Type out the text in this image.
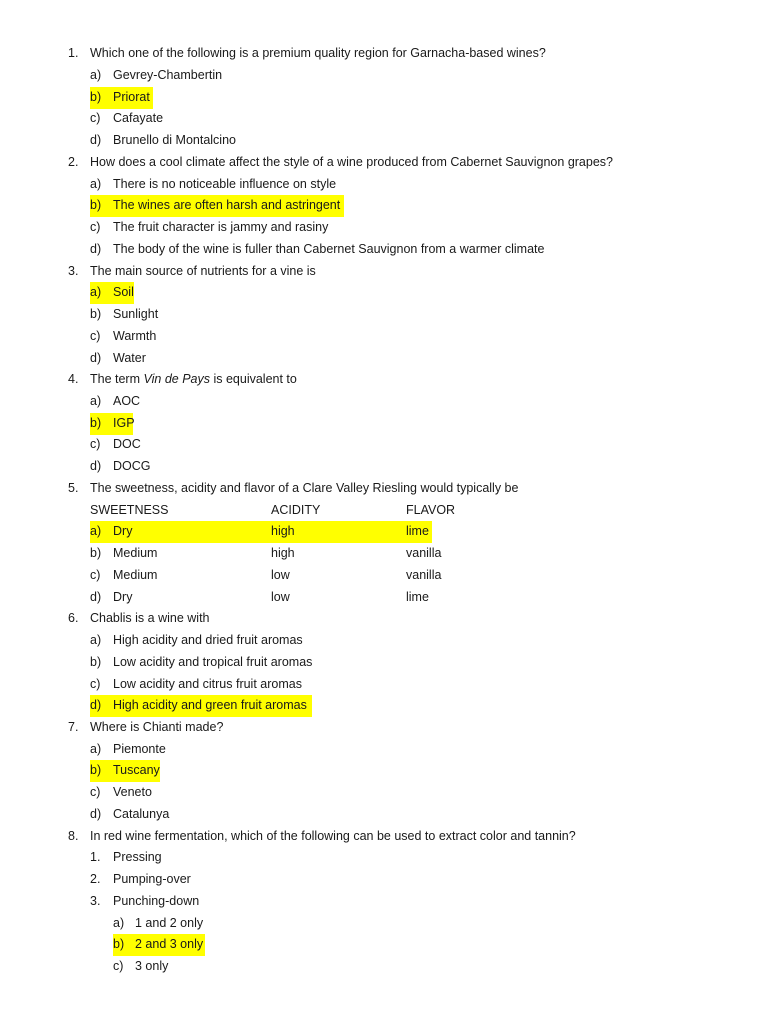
1. Which one of the following is a premium quality region for Garnacha-based wines?
a) Gevrey-Chambertin
b) Priorat
c) Cafayate
d) Brunello di Montalcino
2. How does a cool climate affect the style of a wine produced from Cabernet Sauvignon grapes?
a) There is no noticeable influence on style
b) The wines are often harsh and astringent
c) The fruit character is jammy and rasiny
d) The body of the wine is fuller than Cabernet Sauvignon from a warmer climate
3. The main source of nutrients for a vine is
a) Soil
b) Sunlight
c) Warmth
d) Water
4. The term Vin de Pays is equivalent to
a) AOC
b) IGP
c) DOC
d) DOCG
5. The sweetness, acidity and flavor of a Clare Valley Riesling would typically be
SWEETNESS	ACIDITY	FLAVOR
a) Dry	high	lime
b) Medium	high	vanilla
c) Medium	low	vanilla
d) Dry	low	lime
6. Chablis is a wine with
a) High acidity and dried fruit aromas
b) Low acidity and tropical fruit aromas
c) Low acidity and citrus fruit aromas
d) High acidity and green fruit aromas
7. Where is Chianti made?
a) Piemonte
b) Tuscany
c) Veneto
d) Catalunya
8. In red wine fermentation, which of the following can be used to extract color and tannin?
1. Pressing
2. Pumping-over
3. Punching-down
a) 1 and 2 only
b) 2 and 3 only
c) 3 only
